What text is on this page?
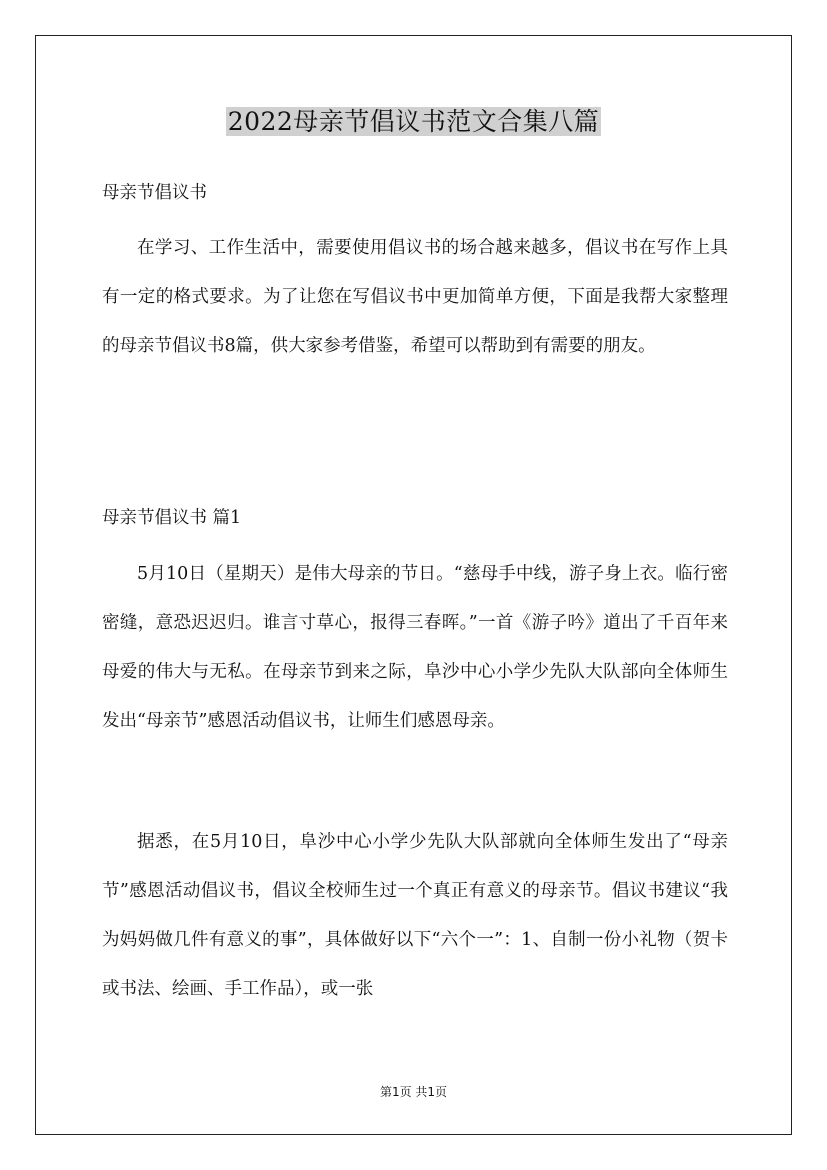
2022母亲节倡议书范文合集八篇

母亲节倡议书

在学习、工作生活中，需要使用倡议书的场合越来越多，倡议书在写作上具有一定的格式要求。为了让您在写倡议书中更加简单方便，下面是我帮大家整理的母亲节倡议书8篇，供大家参考借鉴，希望可以帮助到有需要的朋友。

母亲节倡议书 篇1

5月10日（星期天）是伟大母亲的节日。“慈母手中线，游子身上衣。临行密密缝，意恐迟迟归。谁言寸草心，报得三春晖。”一首《游子吟》道出了千百年来母爱的伟大与无私。在母亲节到来之际，阜沙中心小学少先队大队部向全体师生发出“母亲节”感恩活动倡议书，让师生们感恩母亲。

据悉，在5月10日，阜沙中心小学少先队大队部就向全体师生发出了“母亲节”感恩活动倡议书，倡议全校师生过一个真正有意义的母亲节。倡议书建议“我为妈妈做几件有意义的事”，具体做好以下“六个一”：1、自制一份小礼物（贺卡或书法、绘画、手工作品），或一张

第1页 共1页
